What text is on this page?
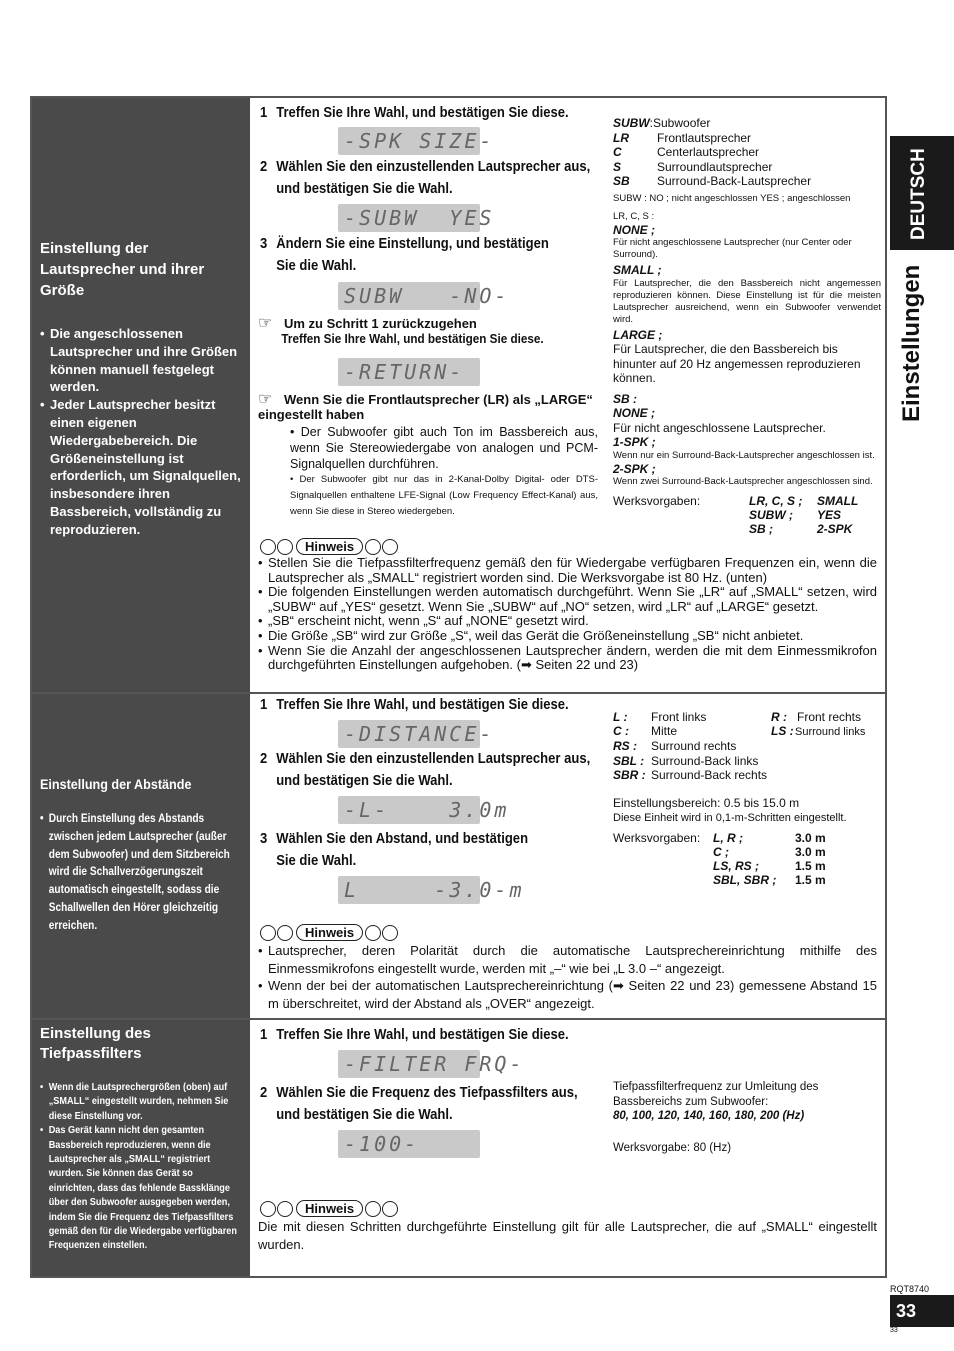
DEUTSCH
Einstellungen
RQT8740
33
33
Einstellung der Lautsprecher und ihrer Größe
• Die angeschlossenen Lautsprecher und ihre Größen können manuell festgelegt werden.
• Jeder Lautsprecher besitzt einen eigenen Wiedergabebereich. Die Größeneinstellung ist erforderlich, um Signalquellen, insbesondere ihren Bassbereich, vollständig zu reproduzieren.
1 Treffen Sie Ihre Wahl, und bestätigen Sie diese.
-SPK SIZE-
2 Wählen Sie den einzustellenden Lautsprecher aus, und bestätigen Sie die Wahl.
-SUBW  YES
3 Ändern Sie eine Einstellung, und bestätigen Sie die Wahl.
SUBW   -NO-
☞ Um zu Schritt 1 zurückzugehen
Treffen Sie Ihre Wahl, und bestätigen Sie diese.
-RETURN-
☞ Wenn Sie die Frontlautsprecher (LR) als „LARGE“ eingestellt haben
• Der Subwoofer gibt auch Ton im Bassbereich aus, wenn Sie Stereowiedergabe von analogen und PCM-Signalquellen durchführen.
• Der Subwoofer gibt nur das in 2-Kanal-Dolby Digital- oder DTS-Signalquellen enthaltene LFE-Signal (Low Frequency Effect-Kanal) aus, wenn Sie diese in Stereo wiedergeben.
SUBW:Subwoofer
LR Frontlautsprecher
C	Centerlautsprecher
S	Surroundlautsprecher
SB Surround-Back-Lautsprecher
SUBW : NO ; nicht angeschlossen YES ; angeschlossen
LR, C, S :
NONE ;
Für nicht angeschlossene Lautsprecher (nur Center oder Surround).
SMALL ;
Für Lautsprecher, die den Bassbereich nicht angemessen reproduzieren können. Diese Einstellung ist für die meisten Lautsprecher ausreichend, wenn ein Subwoofer verwendet wird.
LARGE ;
Für Lautsprecher, die den Bassbereich bis hinunter auf 20 Hz angemessen reproduzieren können.
SB :
NONE ;
Für nicht angeschlossene Lautsprecher.
1-SPK ;
Wenn nur ein Surround-Back-Lautsprecher angeschlossen ist.
2-SPK ;
Wenn zwei Surround-Back-Lautsprecher angeschlossen sind.
Werksvorgaben:	LR, C, S ; SMALL
SUBW ; YES
SB ;	2-SPK
Hinweis
• Stellen Sie die Tiefpassfilterfrequenz gemäß den für Wiedergabe verfügbaren Frequenzen ein, wenn die Lautsprecher als „SMALL“ registriert worden sind. Die Werksvorgabe ist 80 Hz. (unten)
• Die folgenden Einstellungen werden automatisch durchgeführt. Wenn Sie „LR“ auf „SMALL“ setzen, wird „SUBW“ auf „YES“ gesetzt. Wenn Sie „SUBW“ auf „NO“ setzen, wird „LR“ auf „LARGE“ gesetzt.
• „SB“ erscheint nicht, wenn „S“ auf „NONE“ gesetzt wird.
• Die Größe „SB“ wird zur Größe „S“, weil das Gerät die Größeneinstellung „SB“ nicht anbietet.
• Wenn Sie die Anzahl der angeschlossenen Lautsprecher ändern, werden die mit dem Einmessmikrofon durchgeführten Einstellungen aufgehoben. (➡ Seiten 22 und 23)
Einstellung der Abstände
• Durch Einstellung des Abstands zwischen jedem Lautsprecher (außer dem Subwoofer) und dem Sitzbereich wird die Schallverzögerungszeit automatisch eingestellt, sodass die Schallwellen den Hörer gleichzeitig erreichen.
1 Treffen Sie Ihre Wahl, und bestätigen Sie diese.
-DISTANCE-
2 Wählen Sie den einzustellenden Lautsprecher aus, und bestätigen Sie die Wahl.
-L-    3.0m
3 Wählen Sie den Abstand, und bestätigen Sie die Wahl.
L     -3.0-m
L : Front links	R : Front rechts
C : Mitte	LS : Surround links
RS : Surround rechts
SBL : Surround-Back links
SBR : Surround-Back rechts
Einstellungsbereich: 0.5 bis 15.0 m
Diese Einheit wird in 0,1-m-Schritten eingestellt.
Werksvorgaben: L, R ;	3.0 m
C ;	3.0 m
LS, RS ;	1.5 m
SBL, SBR ; 1.5 m
Hinweis
• Lautsprecher, deren Polarität durch die automatische Lautsprechereinrichtung mithilfe des Einmessmikrofons eingestellt wurde, werden mit „–“ wie bei „L 3.0 –“ angezeigt.
• Wenn der bei der automatischen Lautsprechereinrichtung (➡ Seiten 22 und 23) gemessene Abstand 15 m überschreitet, wird der Abstand als „OVER“ angezeigt.
Einstellung des Tiefpassfilters
• Wenn die Lautsprechergrößen (oben) auf „SMALL“ eingestellt wurden, nehmen Sie diese Einstellung vor.
• Das Gerät kann nicht den gesamten Bassbereich reproduzieren, wenn die Lautsprecher als „SMALL“ registriert wurden. Sie können das Gerät so einrichten, dass das fehlende Bassklänge über den Subwoofer ausgegeben werden, indem Sie die Frequenz des Tiefpassfilters gemäß den für die Wiedergabe verfügbaren Frequenzen einstellen.
1 Treffen Sie Ihre Wahl, und bestätigen Sie diese.
-FILTER FRQ-
2 Wählen Sie die Frequenz des Tiefpassfilters aus, und bestätigen Sie die Wahl.
-100-
Tiefpassfilterfrequenz zur Umleitung des Bassbereichs zum Subwoofer:
80, 100, 120, 140, 160, 180, 200 (Hz)
Werksvorgabe: 80 (Hz)
Hinweis
Die mit diesen Schritten durchgeführte Einstellung gilt für alle Lautsprecher, die auf „SMALL“ eingestellt wurden.
